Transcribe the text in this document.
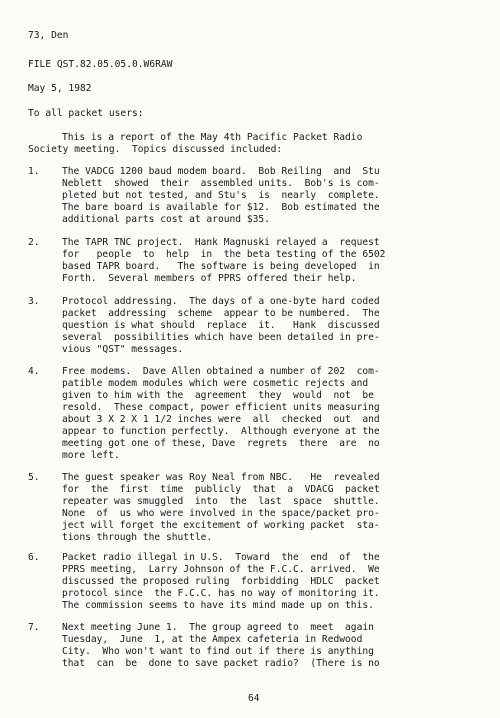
73, Den
FILE QST.82.05.05.0.W6RAW
May 5, 1982
To all packet users:
This is a report of the May 4th Pacific Packet Radio
Society meeting.  Topics discussed included:
1. The VADCG 1200 baud modem board.  Bob Reiling  and  Stu
Neblett  showed  their  assembled units.  Bob's is com-
pleted but not tested, and Stu's  is  nearly  complete.
The bare board is available for $12.  Bob estimated the
additional parts cost at around $35.
2. The TAPR TNC project.  Hank Magnuski relayed a  request
for   people  to  help  in  the beta testing of the 6502
based TAPR board.   The software is being developed  in
Forth.  Several members of PPRS offered their help.
3. Protocol addressing.  The days of a one-byte hard coded
packet  addressing  scheme  appear to be numbered.  The
question is what should  replace  it.   Hank  discussed
several  possibilities which have been detailed in pre-
vious "QST" messages.
4. Free modems.  Dave Allen obtained a number of 202  com-
patible modem modules which were cosmetic rejects and
given to him with the  agreement  they  would  not  be
resold.  These compact, power efficient units measuring
about 3 X 2 X 1 1/2 inches were  all  checked  out  and
appear to function perfectly.  Although everyone at the
meeting got one of these, Dave  regrets  there  are  no
more left.
5. The guest speaker was Roy Neal from NBC.   He  revealed
for  the  first  time  publicly  that  a  VDACG  packet
repeater was smuggled  into  the  last  space  shuttle.
None  of  us who were involved in the space/packet pro-
ject will forget the excitement of working packet  sta-
tions through the shuttle.
6. Packet radio illegal in U.S.  Toward  the  end  of  the
PPRS meeting,  Larry Johnson of the F.C.C. arrived.  We
discussed the proposed ruling  forbidding  HDLC  packet
protocol since  the F.C.C. has no way of monitoring it.
The commission seems to have its mind made up on this.
7. Next meeting June 1.  The group agreed to  meet  again
Tuesday,  June  1, at the Ampex cafeteria in Redwood
City.  Who won't want to find out if there is anything
that  can  be  done to save packet radio?  (There is no
64
